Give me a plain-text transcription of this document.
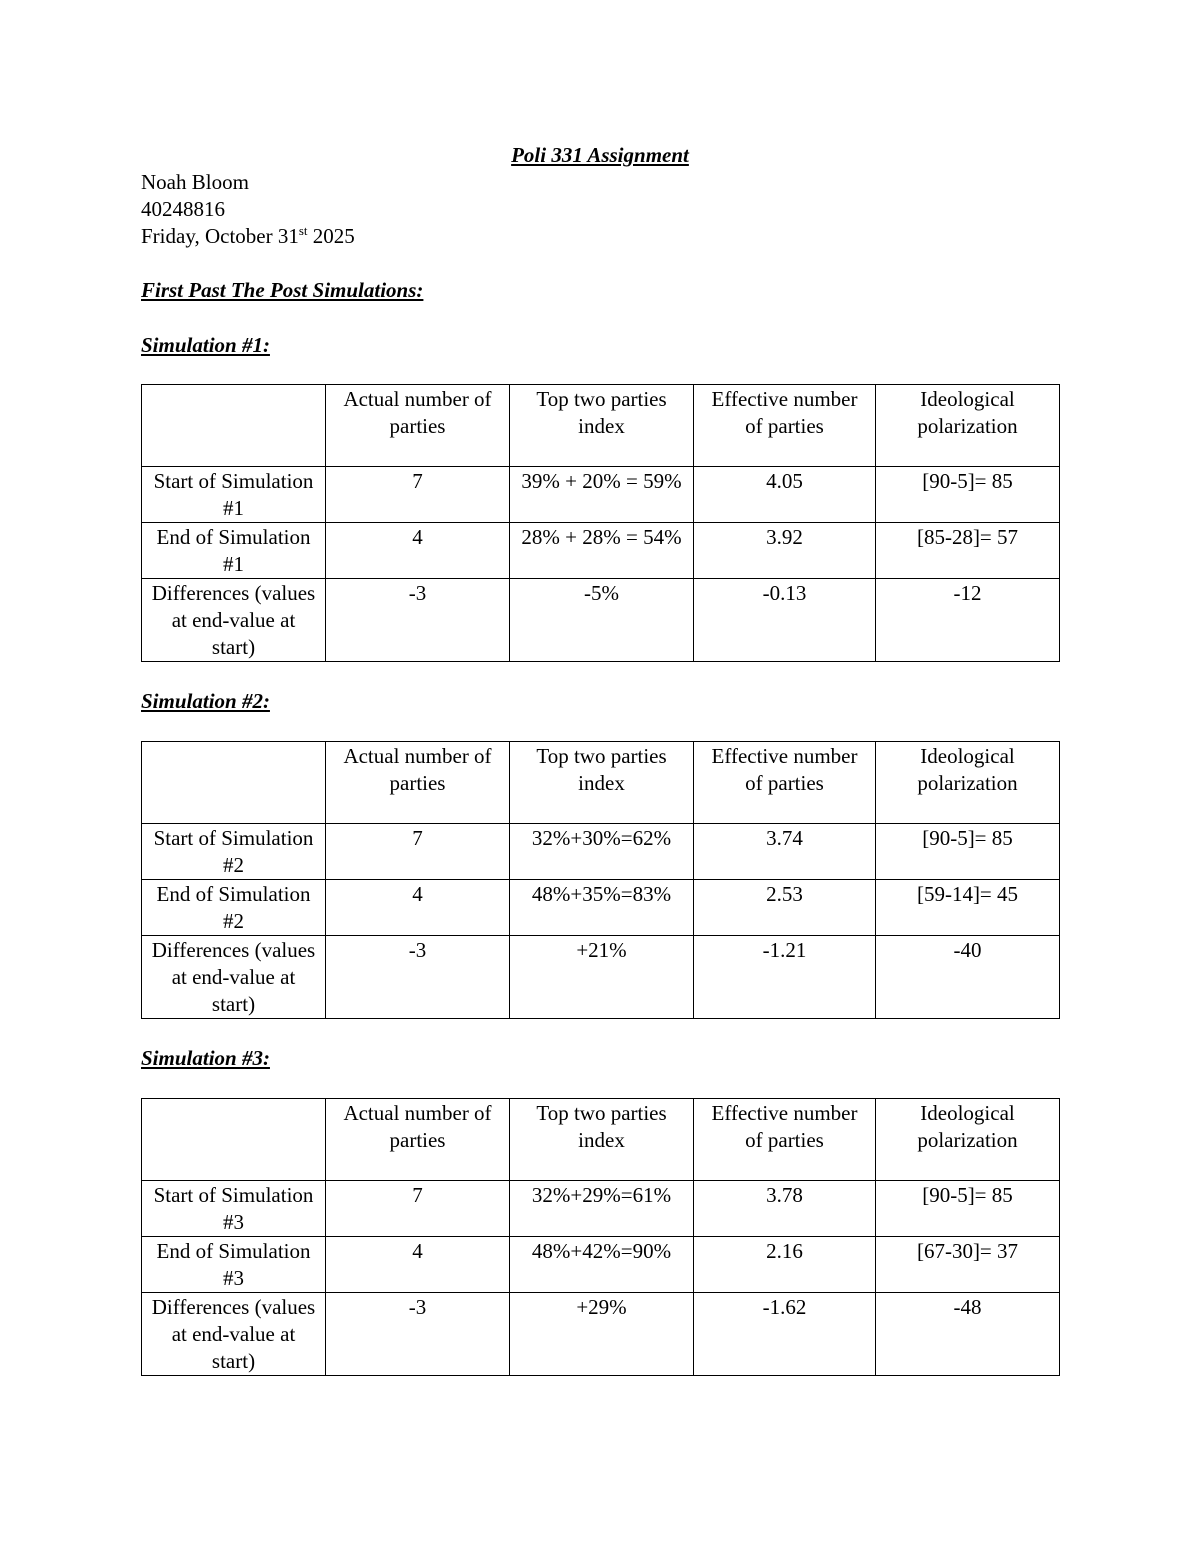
Poli 331 Assignment
Noah Bloom
40248816
Friday, October 31st 2025
First Past The Post Simulations:
Simulation #1:
	Actual number of parties	Top two parties index	Effective number of parties	Ideological polarization
Start of Simulation #1	7	39% + 20% = 59%	4.05	[90-5]= 85
End of Simulation #1	4	28% + 28% = 54%	3.92	[85-28]= 57
Differences (values at end-value at start)	-3	-5%	-0.13	-12
Simulation #2:
	Actual number of parties	Top two parties index	Effective number of parties	Ideological polarization
Start of Simulation #2	7	32%+30%=62%	3.74	[90-5]= 85
End of Simulation #2	4	48%+35%=83%	2.53	[59-14]= 45
Differences (values at end-value at start)	-3	+21%	-1.21	-40
Simulation #3:
	Actual number of parties	Top two parties index	Effective number of parties	Ideological polarization
Start of Simulation #3	7	32%+29%=61%	3.78	[90-5]= 85
End of Simulation #3	4	48%+42%=90%	2.16	[67-30]= 37
Differences (values at end-value at start)	-3	+29%	-1.62	-48
